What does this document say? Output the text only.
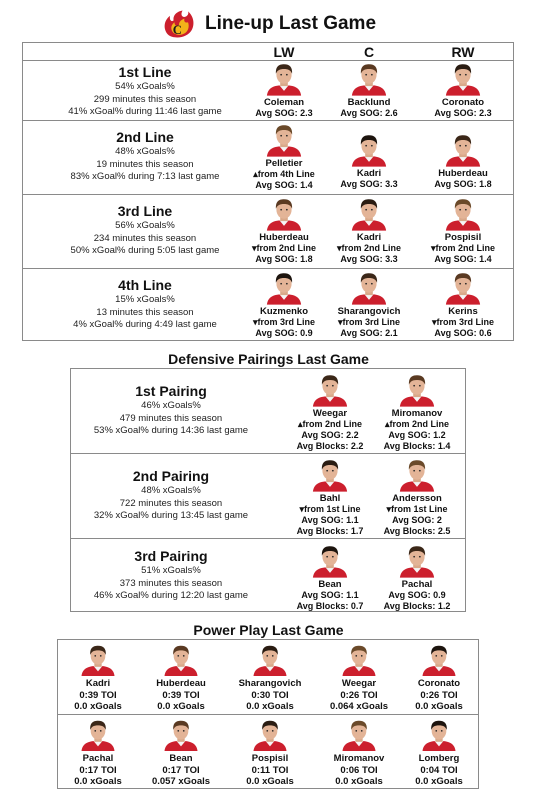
C Line-up Last Game
LW	C	RW
1st Line
54% xGoals%
299 minutes this season
41% xGoal% during 11:46 last game
Coleman
Avg SOG: 2.3
Backlund
Avg SOG: 2.6
Coronato
Avg SOG: 2.3
2nd Line
48% xGoals%
19 minutes this season
83% xGoal% during 7:13 last game
Pelletier
▴from 4th Line
Avg SOG: 1.4
Kadri
Avg SOG: 3.3
Huberdeau
Avg SOG: 1.8
3rd Line
56% xGoals%
234 minutes this season
50% xGoal% during 5:05 last game
Huberdeau
▾from 2nd Line
Avg SOG: 1.8
Kadri
▾from 2nd Line
Avg SOG: 3.3
Pospisil
▾from 2nd Line
Avg SOG: 1.4
4th Line
15% xGoals%
13 minutes this season
4% xGoal% during 4:49 last game
Kuzmenko
▾from 3rd Line
Avg SOG: 0.9
Sharangovich
▾from 3rd Line
Avg SOG: 2.1
Kerins
▾from 3rd Line
Avg SOG: 0.6
Defensive Pairings Last Game
1st Pairing
46% xGoals%
479 minutes this season
53% xGoal% during 14:36 last game
Weegar
▴from 2nd Line
Avg SOG: 2.2
Avg Blocks: 2.2
Miromanov
▴from 2nd Line
Avg SOG: 1.2
Avg Blocks: 1.4
2nd Pairing
48% xGoals%
722 minutes this season
32% xGoal% during 13:45 last game
Bahl
▾from 1st Line
Avg SOG: 1.1
Avg Blocks: 1.7
Andersson
▾from 1st Line
Avg SOG: 2
Avg Blocks: 2.5
3rd Pairing
51% xGoals%
373 minutes this season
46% xGoal% during 12:20 last game
Bean
Avg SOG: 1.1
Avg Blocks: 0.7
Pachal
Avg SOG: 0.9
Avg Blocks: 1.2
Power Play Last Game
Kadri
0:39 TOI
0.0 xGoals
Huberdeau
0:39 TOI
0.0 xGoals
Sharangovich
0:30 TOI
0.0 xGoals
Weegar
0:26 TOI
0.064 xGoals
Coronato
0:26 TOI
0.0 xGoals
Pachal
0:17 TOI
0.0 xGoals
Bean
0:17 TOI
0.057 xGoals
Pospisil
0:11 TOI
0.0 xGoals
Miromanov
0:06 TOI
0.0 xGoals
Lomberg
0:04 TOI
0.0 xGoals
